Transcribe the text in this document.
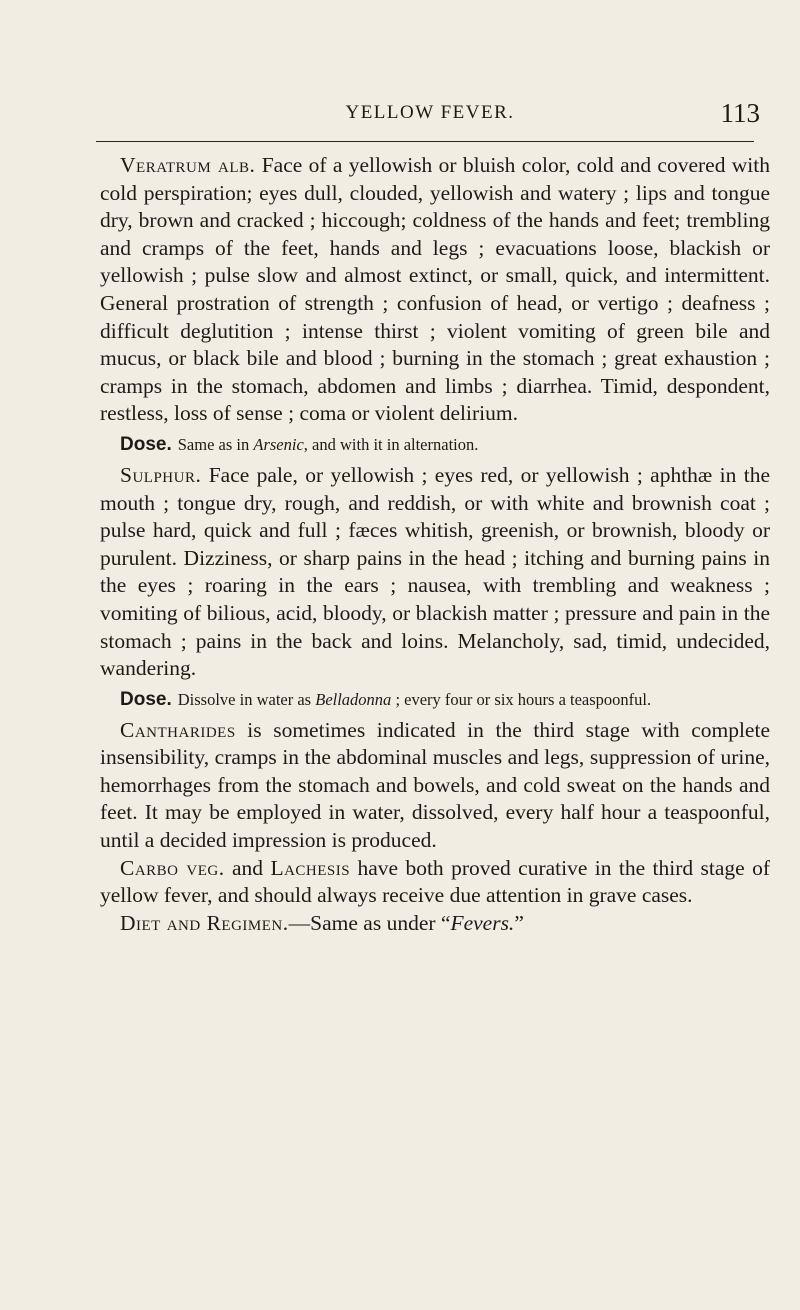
YELLOW FEVER.	113

Veratrum alb. Face of a yellowish or bluish color, cold and covered with cold perspiration; eyes dull, clouded, yellowish and watery ; lips and tongue dry, brown and cracked ; hiccough; coldness of the hands and feet; trembling and cramps of the feet, hands and legs ; evacuations loose, blackish or yellowish ; pulse slow and almost extinct, or small, quick, and intermittent. General prostration of strength ; confusion of head, or vertigo ; deafness ; difficult deglutition ; intense thirst ; violent vomiting of green bile and mucus, or black bile and blood ; burning in the stomach ; great exhaustion ; cramps in the stomach, abdomen and limbs ; diarrhea. Timid, despondent, restless, loss of sense ; coma or violent delirium.

Dose. Same as in Arsenic, and with it in alternation.

Sulphur. Face pale, or yellowish ; eyes red, or yellowish ; aphthæ in the mouth ; tongue dry, rough, and reddish, or with white and brownish coat ; pulse hard, quick and full ; fæces whitish, greenish, or brownish, bloody or purulent. Dizziness, or sharp pains in the head ; itching and burning pains in the eyes ; roaring in the ears ; nausea, with trembling and weakness ; vomiting of bilious, acid, bloody, or blackish matter ; pressure and pain in the stomach ; pains in the back and loins. Melancholy, sad, timid, undecided, wandering.

Dose. Dissolve in water as Belladonna ; every four or six hours a teaspoonful.

Cantharides is sometimes indicated in the third stage with complete insensibility, cramps in the abdominal muscles and legs, suppression of urine, hemorrhages from the stomach and bowels, and cold sweat on the hands and feet. It may be employed in water, dissolved, every half hour a teaspoonful, until a decided impression is produced.

Carbo veg. and Lachesis have both proved curative in the third stage of yellow fever, and should always receive due attention in grave cases.

Diet and Regimen.—Same as under “Fevers.”
